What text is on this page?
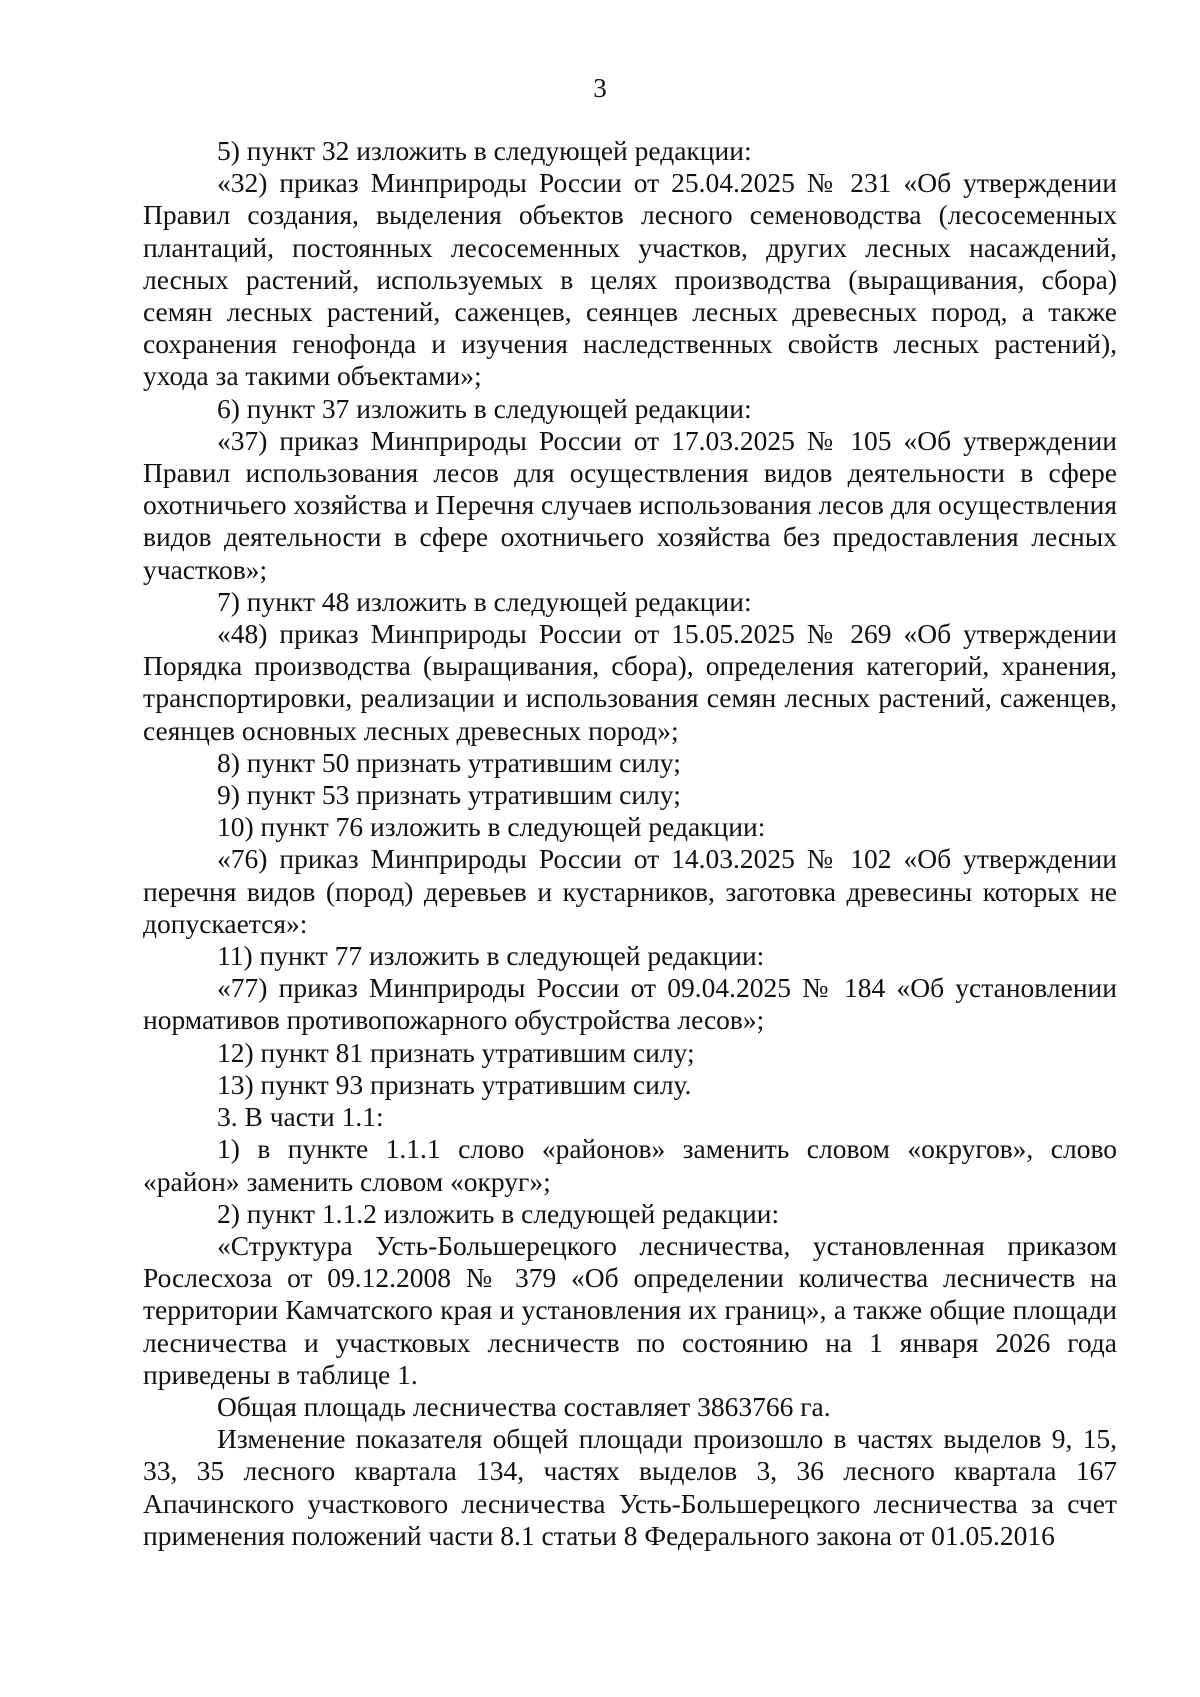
3

5) пункт 32 изложить в следующей редакции:

«32) приказ Минприроды России от 25.04.2025 № 231 «Об утверждении Правил создания, выделения объектов лесного семеноводства (лесосеменных плантаций, постоянных лесосеменных участков, других лесных насаждений, лесных растений, используемых в целях производства (выращивания, сбора) семян лесных растений, саженцев, сеянцев лесных древесных пород, а также сохранения генофонда и изучения наследственных свойств лесных растений), ухода за такими объектами»;

6) пункт 37 изложить в следующей редакции:

«37) приказ Минприроды России от 17.03.2025 № 105 «Об утверждении Правил использования лесов для осуществления видов деятельности в сфере охотничьего хозяйства и Перечня случаев использования лесов для осуществления видов деятельности в сфере охотничьего хозяйства без предоставления лесных участков»;

7) пункт 48 изложить в следующей редакции:

«48) приказ Минприроды России от 15.05.2025 № 269 «Об утверждении Порядка производства (выращивания, сбора), определения категорий, хранения, транспортировки, реализации и использования семян лесных растений, саженцев, сеянцев основных лесных древесных пород»;

8) пункт 50 признать утратившим силу;

9) пункт 53 признать утратившим силу;

10) пункт 76 изложить в следующей редакции:

«76) приказ Минприроды России от 14.03.2025 № 102 «Об утверждении перечня видов (пород) деревьев и кустарников, заготовка древесины которых не допускается»:

11) пункт 77 изложить в следующей редакции:

«77) приказ Минприроды России от 09.04.2025 № 184 «Об установлении нормативов противопожарного обустройства лесов»;

12) пункт 81 признать утратившим силу;

13) пункт 93 признать утратившим силу.

3. В части 1.1:

1) в пункте 1.1.1 слово «районов» заменить словом «округов», слово «район» заменить словом «округ»;

2) пункт 1.1.2 изложить в следующей редакции:

«Структура Усть-Большерецкого лесничества, установленная приказом Рослесхоза от 09.12.2008 № 379 «Об определении количества лесничеств на территории Камчатского края и установления их границ», а также общие площади лесничества и участковых лесничеств по состоянию на 1 января 2026 года приведены в таблице 1.

Общая площадь лесничества составляет 3863766 га.

Изменение показателя общей площади произошло в частях выделов 9, 15, 33, 35 лесного квартала 134, частях выделов 3, 36 лесного квартала 167 Апачинского участкового лесничества Усть-Большерецкого лесничества за счет применения положений части 8.1 статьи 8 Федерального закона от 01.05.2016
